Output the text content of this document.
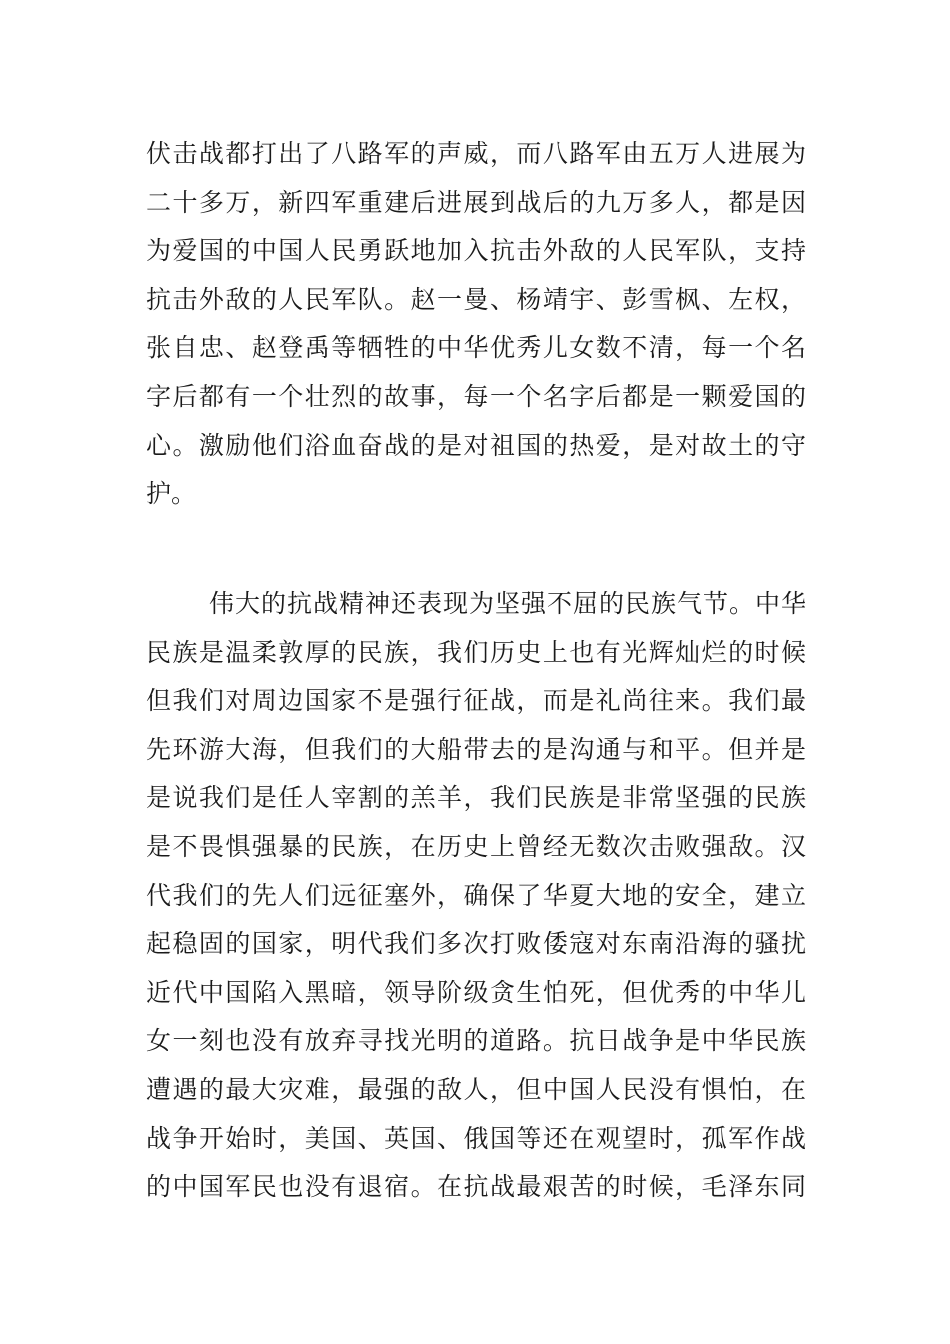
伏击战都打出了八路军的声威，而八路军由五万人进展为
二十多万，新四军重建后进展到战后的九万多人，都是因
为爱国的中国人民勇跃地加入抗击外敌的人民军队，支持
抗击外敌的人民军队。赵一曼、杨靖宇、彭雪枫、左权，
张自忠、赵登禹等牺牲的中华优秀儿女数不清，每一个名
字后都有一个壮烈的故事，每一个名字后都是一颗爱国的
心。激励他们浴血奋战的是对祖国的热爱，是对故土的守
护。
伟大的抗战精神还表现为坚强不屈的民族气节。中华
民族是温柔敦厚的民族，我们历史上也有光辉灿烂的时候
但我们对周边国家不是强行征战，而是礼尚往来。我们最
先环游大海，但我们的大船带去的是沟通与和平。但并是
是说我们是任人宰割的羔羊，我们民族是非常坚强的民族
是不畏惧强暴的民族，在历史上曾经无数次击败强敌。汉
代我们的先人们远征塞外，确保了华夏大地的安全，建立
起稳固的国家，明代我们多次打败倭寇对东南沿海的骚扰
近代中国陷入黑暗，领导阶级贪生怕死，但优秀的中华儿
女一刻也没有放弃寻找光明的道路。抗日战争是中华民族
遭遇的最大灾难，最强的敌人，但中国人民没有惧怕，在
战争开始时，美国、英国、俄国等还在观望时，孤军作战
的中国军民也没有退宿。在抗战最艰苦的时候，毛泽东同
